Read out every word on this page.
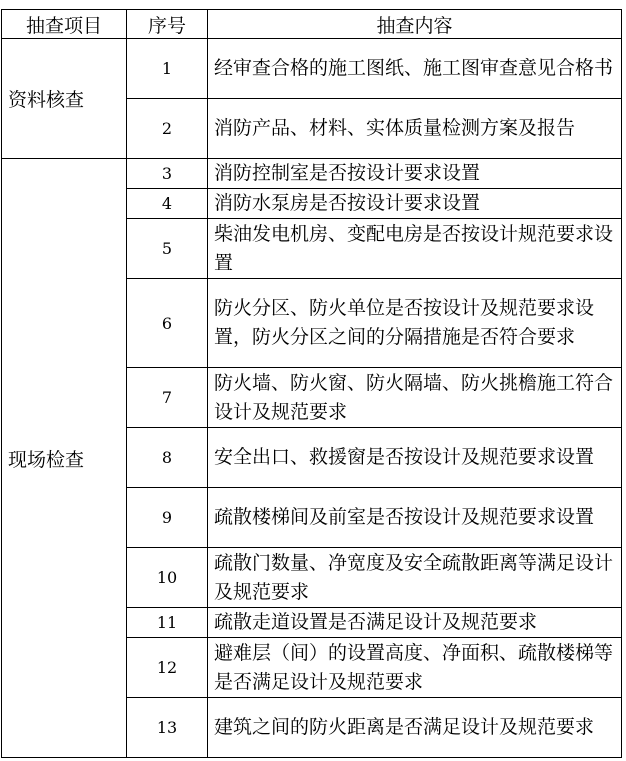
抽查项目	序号	抽查内容
资料核查	1	经审查合格的施工图纸、施工图审查意见合格书
	2	消防产品、材料、实体质量检测方案及报告
现场检查	3	消防控制室是否按设计要求设置
	4	消防水泵房是否按设计要求设置
	5	柴油发电机房、变配电房是否按设计规范要求设置
	6	防火分区、防火单位是否按设计及规范要求设置，防火分区之间的分隔措施是否符合要求
	7	防火墙、防火窗、防火隔墙、防火挑檐施工符合设计及规范要求
	8	安全出口、救援窗是否按设计及规范要求设置
	9	疏散楼梯间及前室是否按设计及规范要求设置
	10	疏散门数量、净宽度及安全疏散距离等满足设计及规范要求
	11	疏散走道设置是否满足设计及规范要求
	12	避难层（间）的设置高度、净面积、疏散楼梯等是否满足设计及规范要求
	13	建筑之间的防火距离是否满足设计及规范要求
